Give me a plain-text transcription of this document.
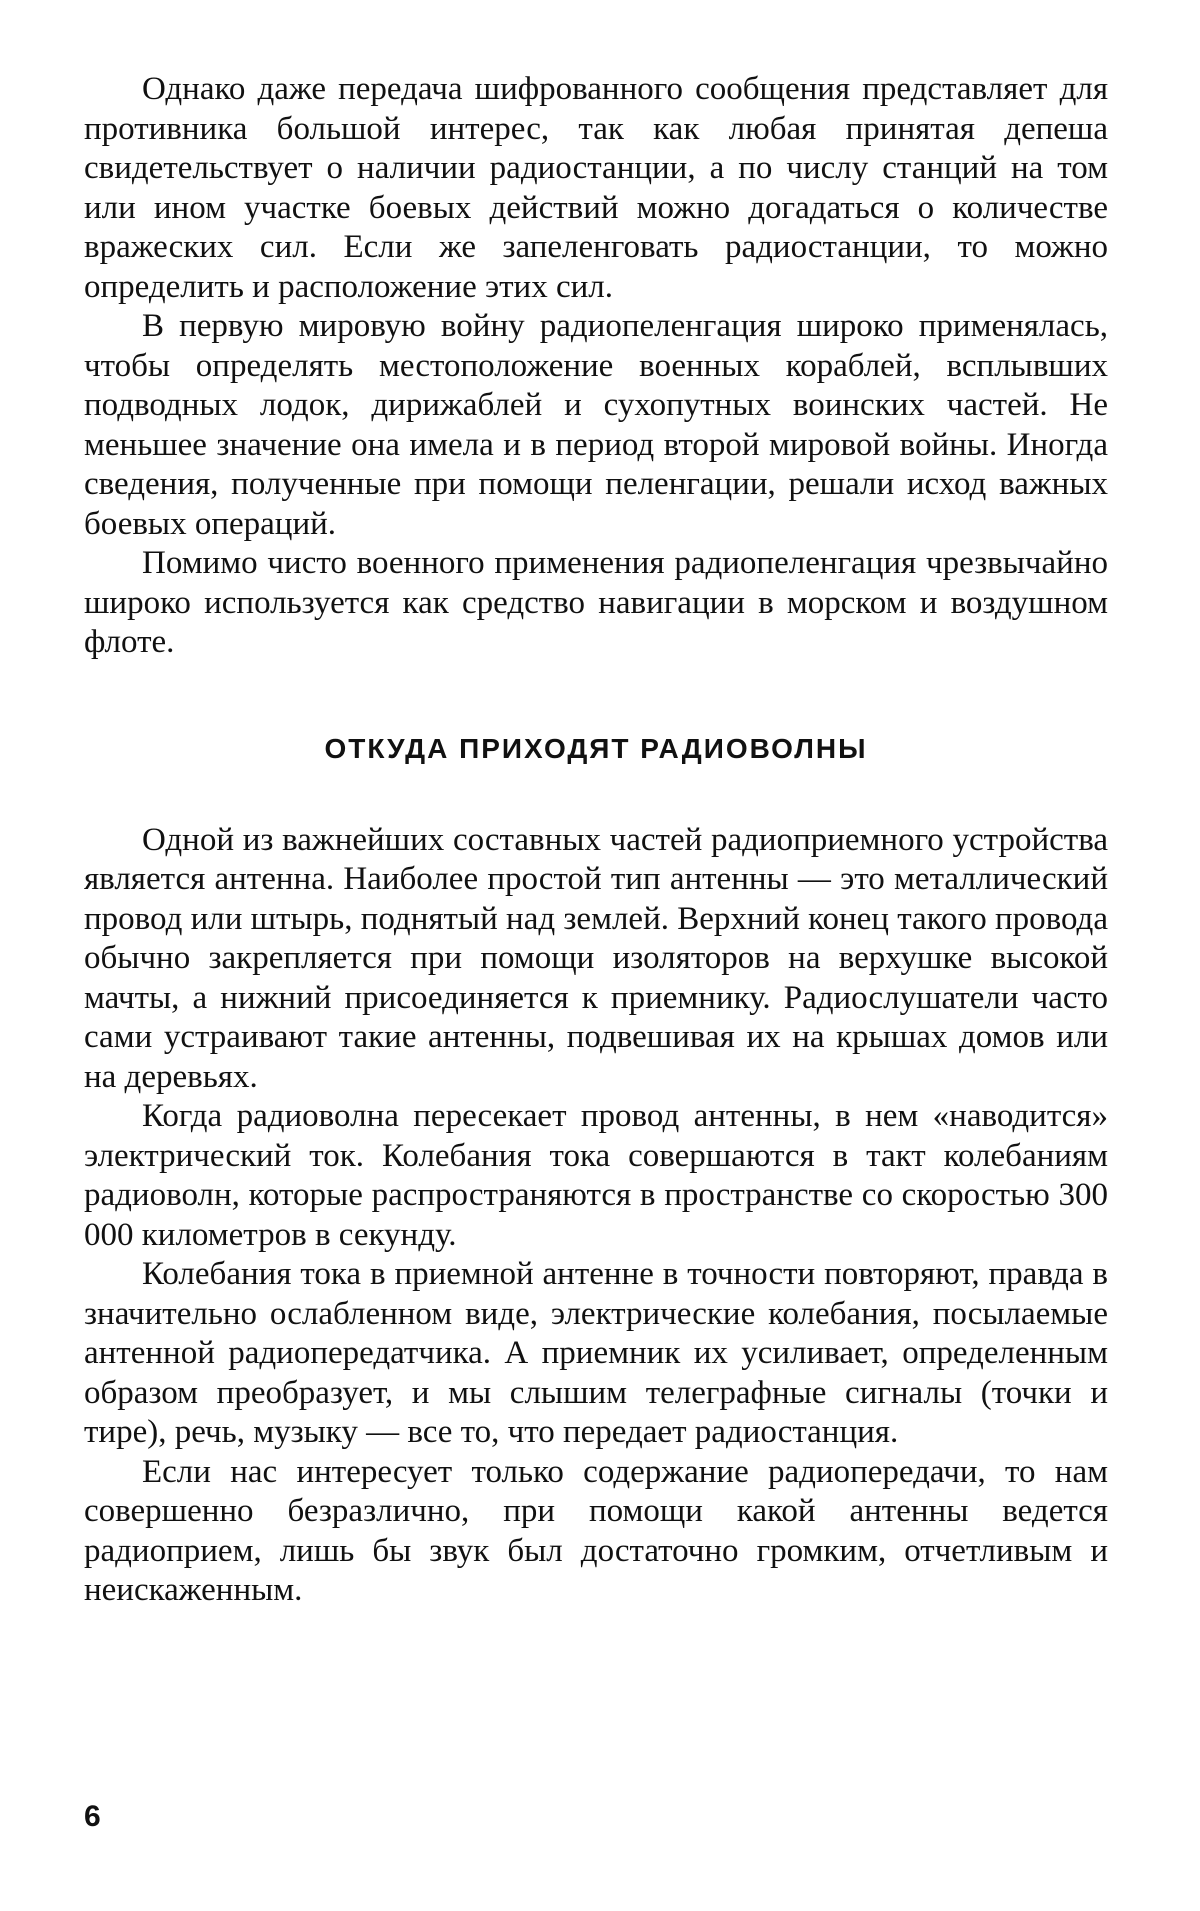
Однако даже передача шифрованного сообщения представляет для противника большой интерес, так как любая принятая депеша свидетельствует о наличии радиостанции, а по числу станций на том или ином участке боевых действий можно догадаться о количестве вражеских сил. Если же запеленговать радиостанции, то можно определить и расположение этих сил.

В первую мировую войну радиопеленгация широко применялась, чтобы определять местоположение военных кораблей, всплывших подводных лодок, дирижаблей и сухопутных воинских частей. Не меньшее значение она имела и в период второй мировой войны. Иногда сведения, полученные при помощи пеленгации, решали исход важных боевых операций.

Помимо чисто военного применения радиопеленгация чрезвычайно широко используется как средство навигации в морском и воздушном флоте.

ОТКУДА ПРИХОДЯТ РАДИОВОЛНЫ

Одной из важнейших составных частей радиоприемного устройства является антенна. Наиболее простой тип антенны — это металлический провод или штырь, поднятый над землей. Верхний конец такого провода обычно закрепляется при помощи изоляторов на верхушке высокой мачты, а нижний присоединяется к приемнику. Радиослушатели часто сами устраивают такие антенны, подвешивая их на крышах домов или на деревьях.

Когда радиоволна пересекает провод антенны, в нем «наводится» электрический ток. Колебания тока совершаются в такт колебаниям радиоволн, которые распространяются в пространстве со скоростью 300 000 километров в секунду.

Колебания тока в приемной антенне в точности повторяют, правда в значительно ослабленном виде, электрические колебания, посылаемые антенной радиопередатчика. А приемник их усиливает, определенным образом преобразует, и мы слышим телеграфные сигналы (точки и тире), речь, музыку — все то, что передает радиостанция.

Если нас интересует только содержание радиопередачи, то нам совершенно безразлично, при помощи какой антенны ведется радиоприем, лишь бы звук был достаточно громким, отчетливым и неискаженным.

6
